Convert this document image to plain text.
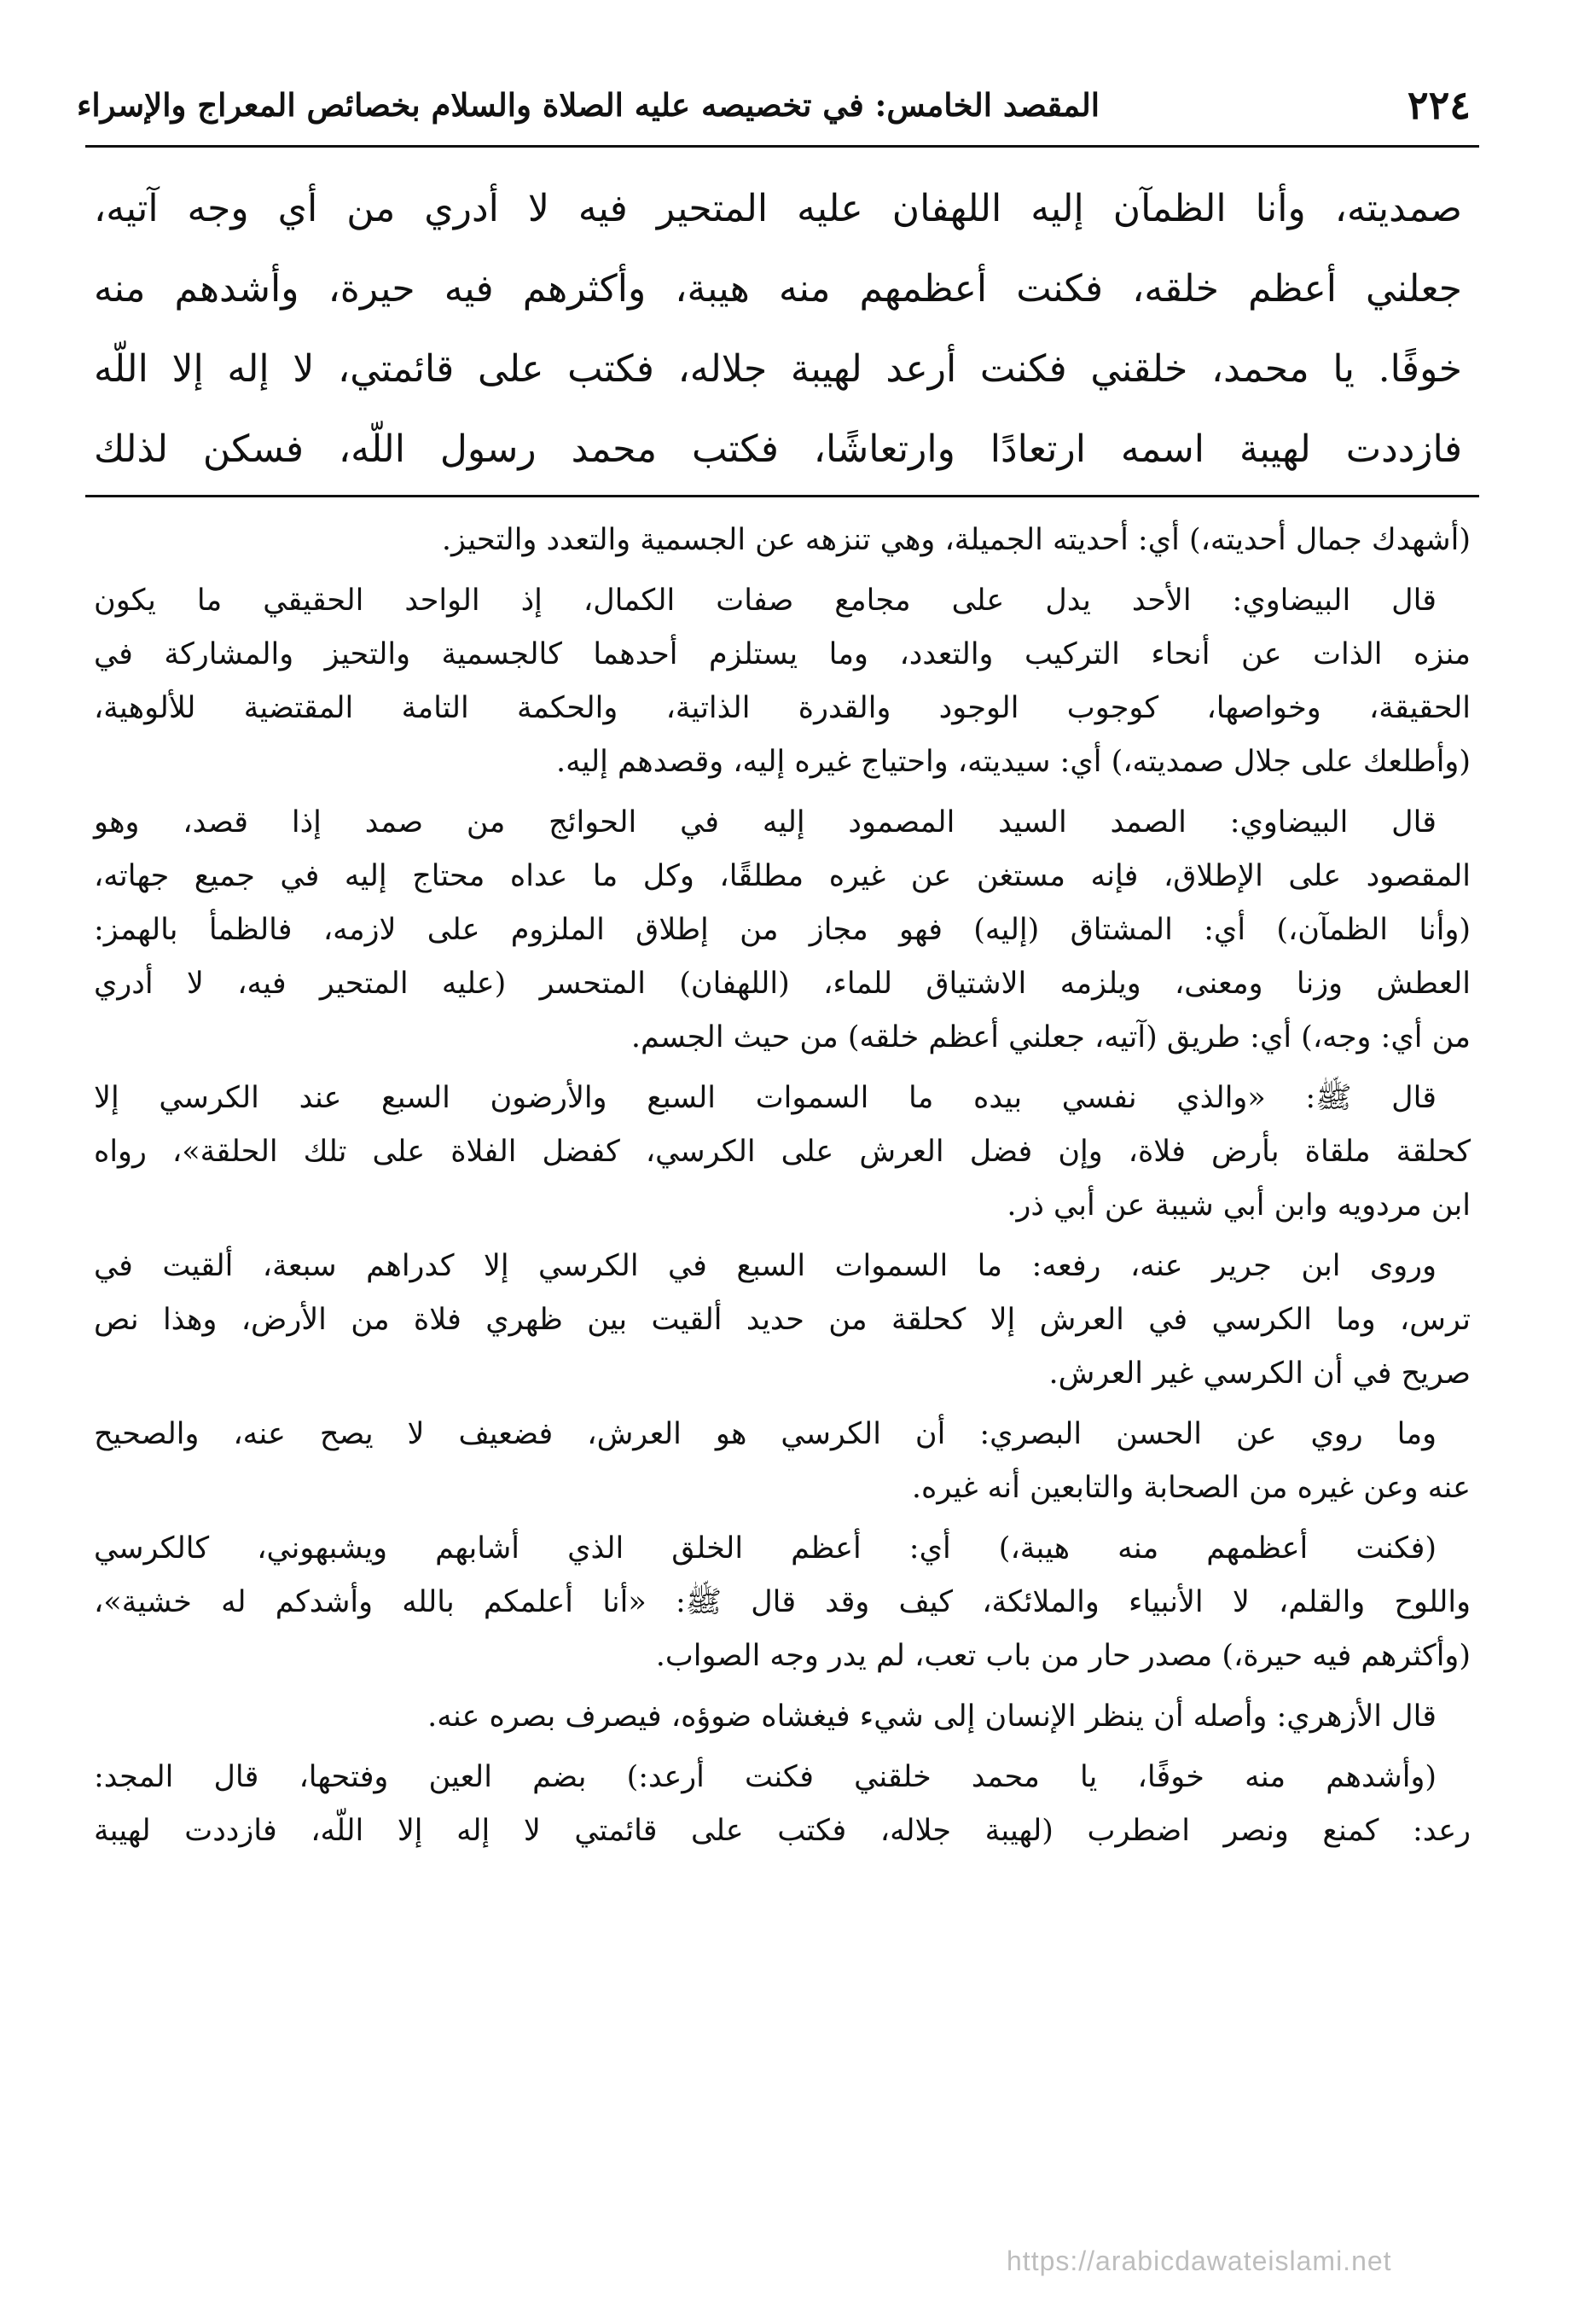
٢٢٤
المقصد الخامس: في تخصيصه عليه الصلاة والسلام بخصائص المعراج والإسراء
صمديته، وأنا الظمآن إليه اللهفان عليه المتحير فيه لا أدري من أي وجه آتيه،
جعلني أعظم خلقه، فكنت أعظمهم منه هيبة، وأكثرهم فيه حيرة، وأشدهم منه
خوفًا. يا محمد، خلقني فكنت أرعد لهيبة جلاله، فكتب على قائمتي، لا إله إلا اللّه
فازددت لهيبة اسمه ارتعادًا وارتعاشًا، فكتب محمد رسول اللّه، فسكن لذلك
(أشهدك جمال أحديته،) أي: أحديته الجميلة، وهي تنزهه عن الجسمية والتعدد والتحيز.
قال البيضاوي: الأحد يدل على مجامع صفات الكمال، إذ الواحد الحقيقي ما يكون
منزه الذات عن أنحاء التركيب والتعدد، وما يستلزم أحدهما كالجسمية والتحيز والمشاركة في
الحقيقة، وخواصها، كوجوب الوجود والقدرة الذاتية، والحكمة التامة المقتضية للألوهية،
(وأطلعك على جلال صمديته،) أي: سيديته، واحتياج غيره إليه، وقصدهم إليه.
قال البيضاوي: الصمد السيد المصمود إليه في الحوائج من صمد إذا قصد، وهو
المقصود على الإطلاق، فإنه مستغن عن غيره مطلقًا، وكل ما عداه محتاج إليه في جميع جهاته،
(وأنا الظمآن،) أي: المشتاق (إليه) فهو مجاز من إطلاق الملزوم على لازمه، فالظمأ بالهمز:
العطش وزنا ومعنى، ويلزمه الاشتياق للماء، (اللهفان) المتحسر (عليه المتحير فيه، لا أدري
من أي: وجه،) أي: طريق (آتيه، جعلني أعظم خلقه) من حيث الجسم.
قال ﷺ: «والذي نفسي بيده ما السموات السبع والأرضون السبع عند الكرسي إلا
كحلقة ملقاة بأرض فلاة، وإن فضل العرش على الكرسي، كفضل الفلاة على تلك الحلقة»، رواه
ابن مردويه وابن أبي شيبة عن أبي ذر.
وروى ابن جرير عنه، رفعه: ما السموات السبع في الكرسي إلا كدراهم سبعة، ألقيت في
ترس، وما الكرسي في العرش إلا كحلقة من حديد ألقيت بين ظهري فلاة من الأرض، وهذا نص
صريح في أن الكرسي غير العرش.
وما روي عن الحسن البصري: أن الكرسي هو العرش، فضعيف لا يصح عنه، والصحيح
عنه وعن غيره من الصحابة والتابعين أنه غيره.
(فكنت أعظمهم منه هيبة،) أي: أعظم الخلق الذي أشابهم ويشبهوني، كالكرسي
واللوح والقلم، لا الأنبياء والملائكة، كيف وقد قال ﷺ: «أنا أعلمكم بالله وأشدكم له خشية»،
(وأكثرهم فيه حيرة،) مصدر حار من باب تعب، لم يدر وجه الصواب.
قال الأزهري: وأصله أن ينظر الإنسان إلى شيء فيغشاه ضوؤه، فيصرف بصره عنه.
(وأشدهم منه خوفًا، يا محمد خلقني فكنت أرعد:) بضم العين وفتحها، قال المجد:
رعد: كمنع ونصر اضطرب (لهيبة جلاله، فكتب على قائمتي لا إله إلا اللّه، فازددت لهيبة
https://arabicdawateislami.net
